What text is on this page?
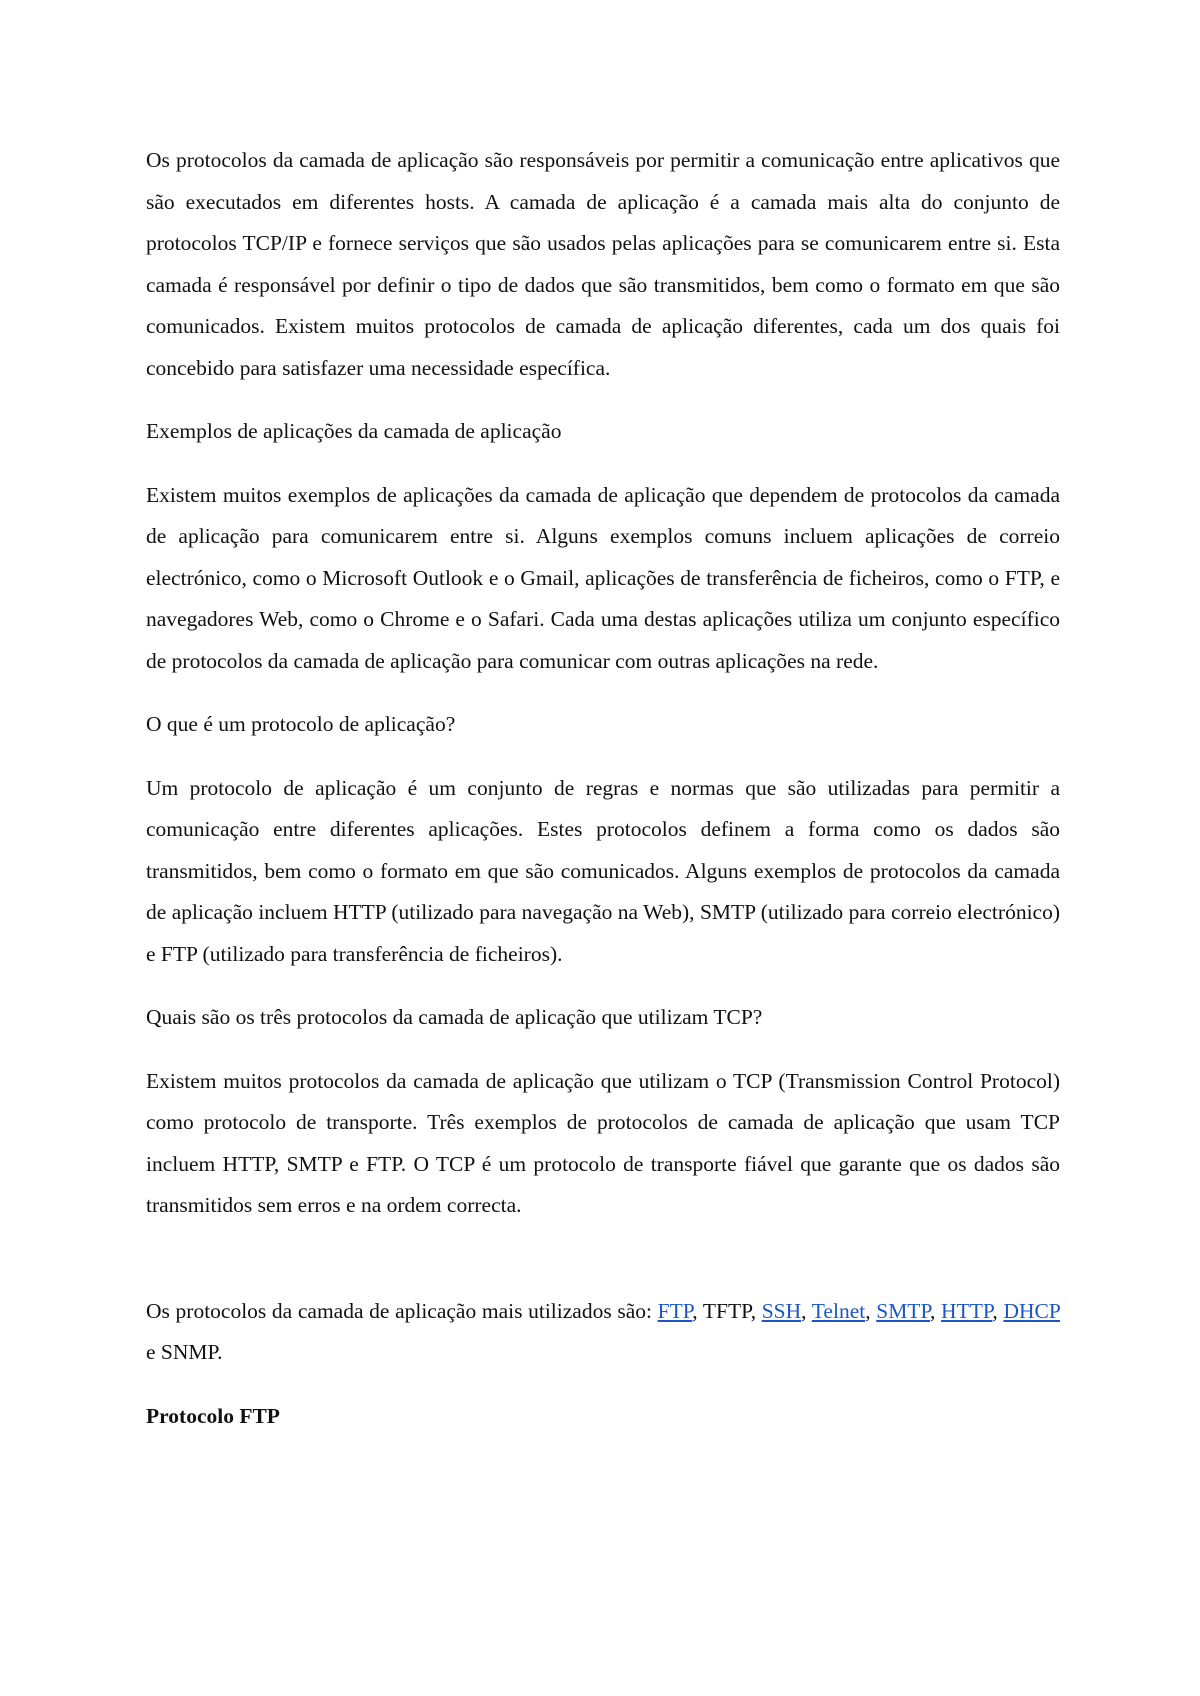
Os protocolos da camada de aplicação são responsáveis por permitir a comunicação entre aplicativos que são executados em diferentes hosts. A camada de aplicação é a camada mais alta do conjunto de protocolos TCP/IP e fornece serviços que são usados pelas aplicações para se comunicarem entre si. Esta camada é responsável por definir o tipo de dados que são transmitidos, bem como o formato em que são comunicados. Existem muitos protocolos de camada de aplicação diferentes, cada um dos quais foi concebido para satisfazer uma necessidade específica.

Exemplos de aplicações da camada de aplicação

Existem muitos exemplos de aplicações da camada de aplicação que dependem de protocolos da camada de aplicação para comunicarem entre si. Alguns exemplos comuns incluem aplicações de correio electrónico, como o Microsoft Outlook e o Gmail, aplicações de transferência de ficheiros, como o FTP, e navegadores Web, como o Chrome e o Safari. Cada uma destas aplicações utiliza um conjunto específico de protocolos da camada de aplicação para comunicar com outras aplicações na rede.

O que é um protocolo de aplicação?

Um protocolo de aplicação é um conjunto de regras e normas que são utilizadas para permitir a comunicação entre diferentes aplicações. Estes protocolos definem a forma como os dados são transmitidos, bem como o formato em que são comunicados. Alguns exemplos de protocolos da camada de aplicação incluem HTTP (utilizado para navegação na Web), SMTP (utilizado para correio electrónico) e FTP (utilizado para transferência de ficheiros).

Quais são os três protocolos da camada de aplicação que utilizam TCP?

Existem muitos protocolos da camada de aplicação que utilizam o TCP (Transmission Control Protocol) como protocolo de transporte. Três exemplos de protocolos de camada de aplicação que usam TCP incluem HTTP, SMTP e FTP. O TCP é um protocolo de transporte fiável que garante que os dados são transmitidos sem erros e na ordem correcta.

Os protocolos da camada de aplicação mais utilizados são: FTP, TFTP, SSH, Telnet, SMTP, HTTP, DHCP e SNMP.

Protocolo FTP
